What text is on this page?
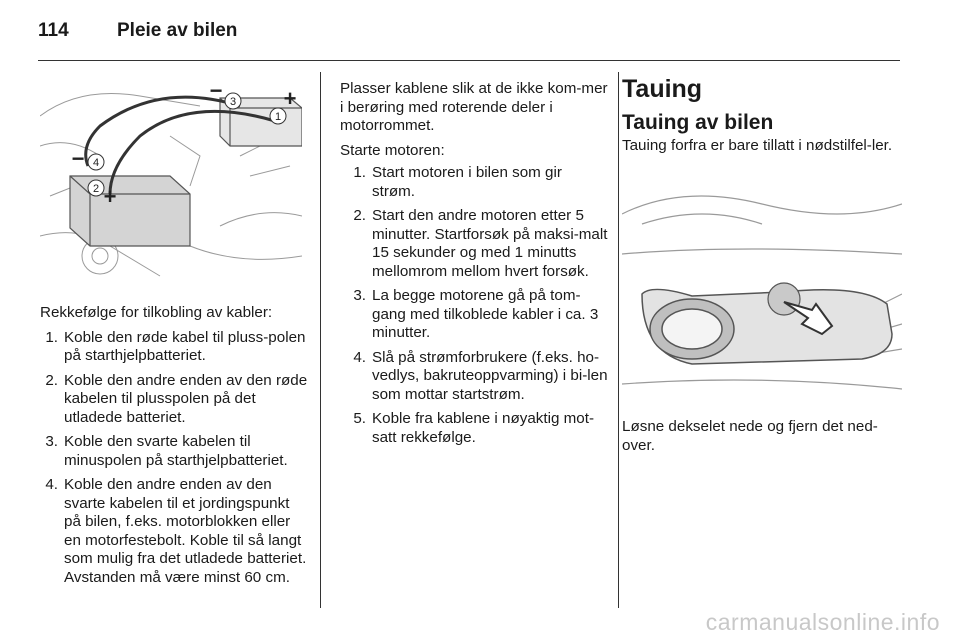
114	Pleie av bilen
3
1
4
2
−	+
−
+

Rekkefølge for tilkobling av kabler:

1. Koble den røde kabel til pluss-polen på starthjelpbatteriet.
2. Koble den andre enden av den røde kabelen til plusspolen på det utladede batteriet.
3. Koble den svarte kabelen til minuspolen på starthjelpbatteriet.
4. Koble den andre enden av den svarte kabelen til et jordingspunkt på bilen, f.eks. motorblokken eller en motorfestebolt. Koble til så langt som mulig fra det utladede batteriet. Avstanden må være minst 60 cm.

Plasser kablene slik at de ikke kom-mer i berøring med roterende deler i motorrommet.

Starte motoren:

1. Start motoren i bilen som gir strøm.
2. Start den andre motoren etter 5 minutter. Startforsøk på maksi-malt 15 sekunder og med 1 minutts mellomrom mellom hvert forsøk.
3. La begge motorene gå på tom-gang med tilkoblede kabler i ca. 3 minutter.
4. Slå på strømforbrukere (f.eks. ho-vedlys, bakruteoppvarming) i bi-len som mottar startstrøm.
5. Koble fra kablene i nøyaktig mot-satt rekkefølge.
Tauing
Tauing av bilen

Tauing forfra er bare tillatt i nødstilfel-ler.

Løsne dekselet nede og fjern det ned-over.

carmanualsonline.info
